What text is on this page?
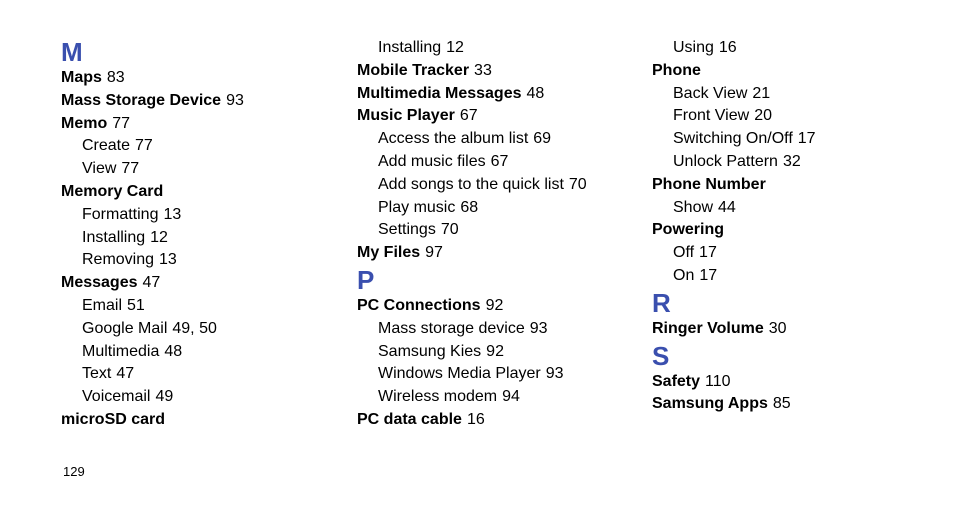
M
Maps 83
Mass Storage Device 93
Memo 77
Create 77
View 77
Memory Card
Formatting 13
Installing 12
Removing 13
Messages 47
Email 51
Google Mail 49, 50
Multimedia 48
Text 47
Voicemail 49
microSD card
Installing 12
Mobile Tracker 33
Multimedia Messages 48
Music Player 67
Access the album list 69
Add music files 67
Add songs to the quick list 70
Play music 68
Settings 70
My Files 97
P
PC Connections 92
Mass storage device 93
Samsung Kies 92
Windows Media Player 93
Wireless modem 94
PC data cable 16
Using 16
Phone
Back View 21
Front View 20
Switching On/Off 17
Unlock Pattern 32
Phone Number
Show 44
Powering
Off 17
On 17
R
Ringer Volume 30
S
Safety 110
Samsung Apps 85
129
